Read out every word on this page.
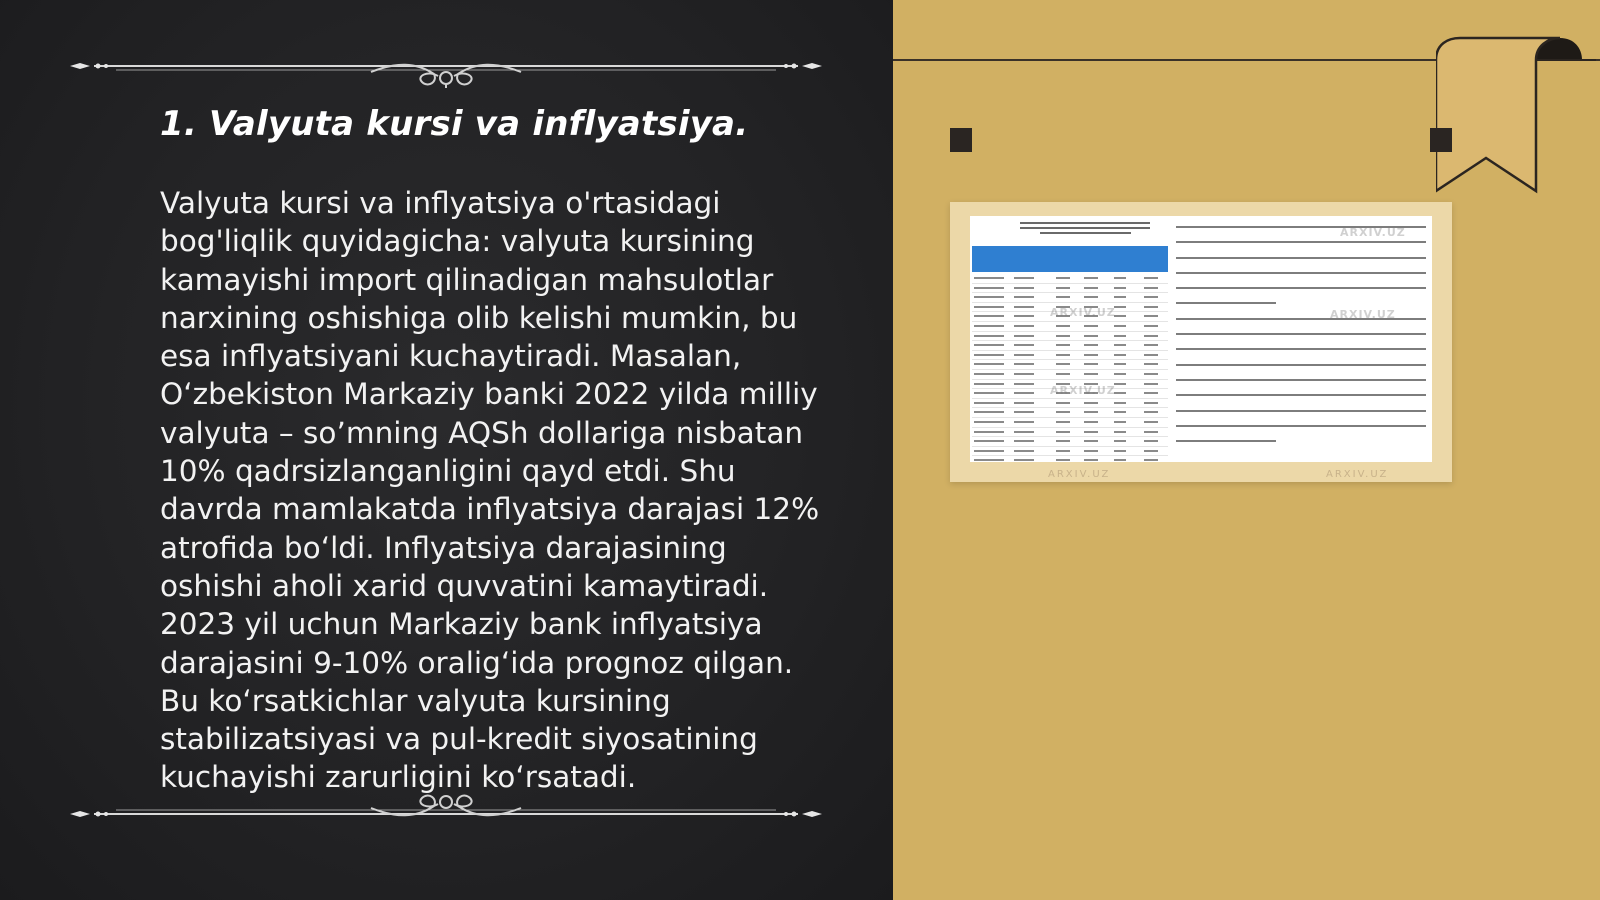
1. Valyuta kursi va inflyatsiya.

Valyuta kursi va inflyatsiya o'rtasidagi bog'liqlik quyidagicha: valyuta kursining kamayishi import qilinadigan mahsulotlar narxining oshishiga olib kelishi mumkin, bu esa inflyatsiyani kuchaytiradi. Masalan, O‘zbekiston Markaziy banki 2022 yilda milliy valyuta – so’mning AQSh dollariga nisbatan 10% qadrsizlanganligini qayd etdi. Shu davrda mamlakatda inflyatsiya darajasi 12% atrofida bo‘ldi. Inflyatsiya darajasining oshishi aholi xarid quvvatini kamaytiradi. 2023 yil uchun Markaziy bank inflyatsiya darajasini 9-10% oralig‘ida prognoz qilgan. Bu ko‘rsatkichlar valyuta kursining stabilizatsiyasi va pul-kredit siyosatining kuchayishi zarurligini ko‘rsatadi.

ARXIV.UZ
ARXIV.UZ
ARXIV.UZ
ARXIV.UZ
ARXIV.UZ	ARXIV.UZ
